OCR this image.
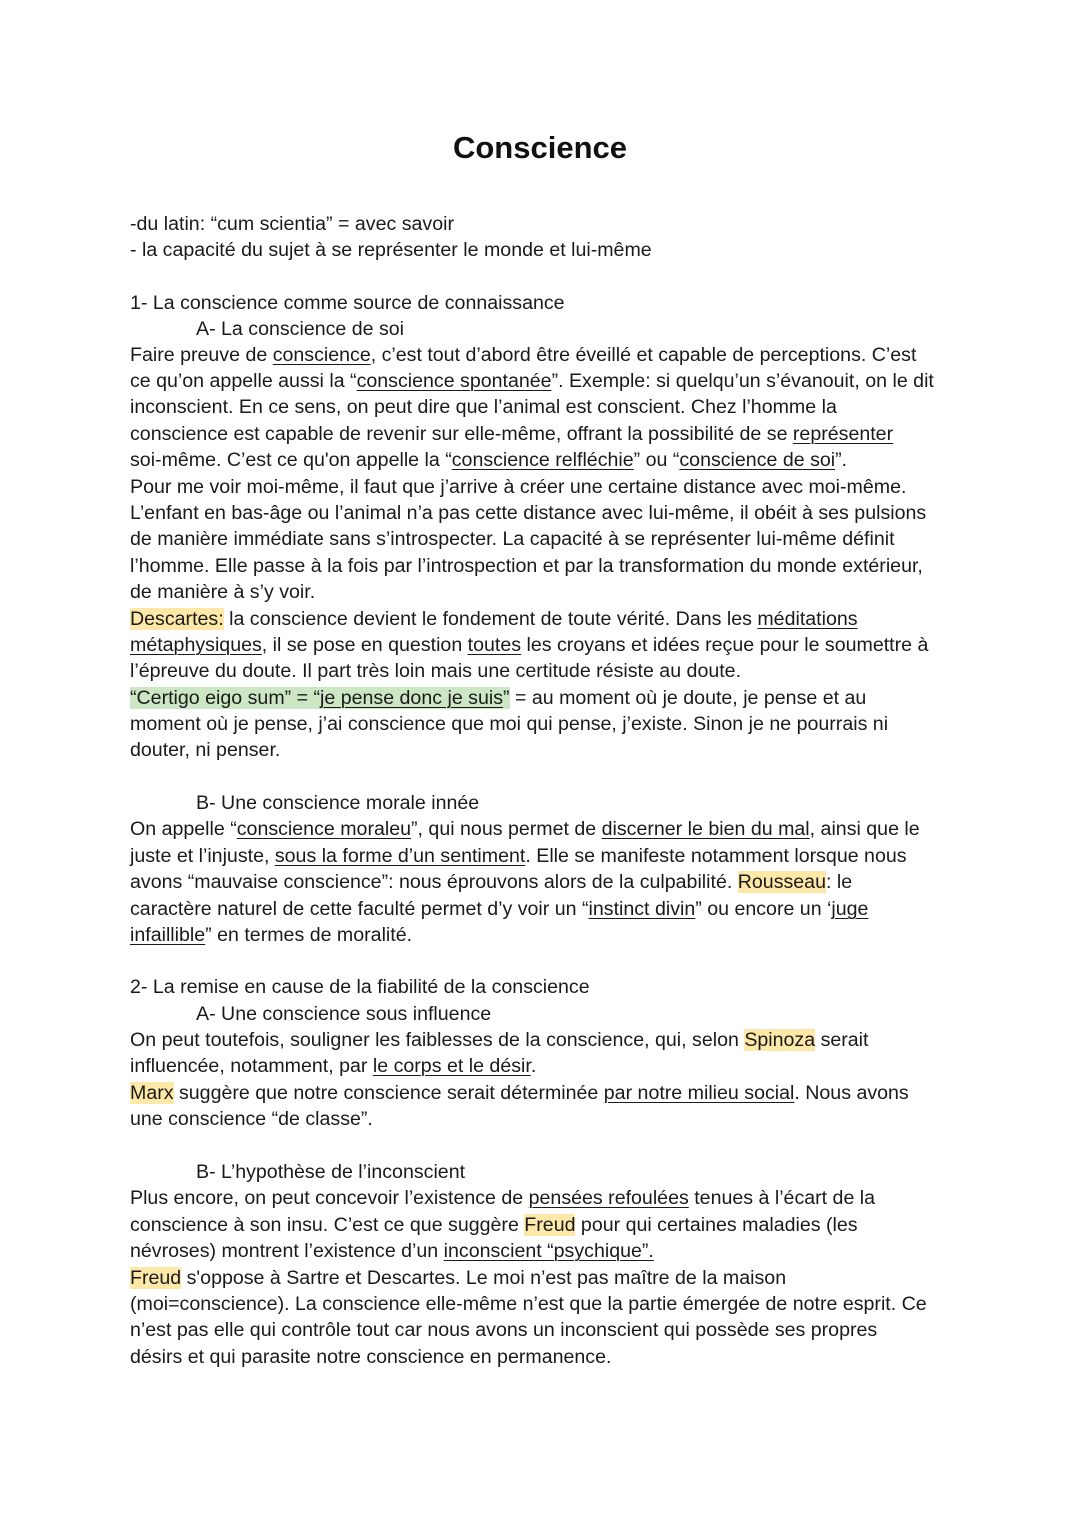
Conscience
-du latin: “cum scientia” = avec savoir
- la capacité du sujet à se représenter le monde et lui-même
1- La conscience comme source de connaissance
A- La conscience de soi
Faire preuve de conscience, c’est tout d’abord être éveillé et capable de perceptions. C’est
ce qu’on appelle aussi la “conscience spontanée”. Exemple: si quelqu’un s’évanouit, on le dit
inconscient. En ce sens, on peut dire que l’animal est conscient. Chez l’homme la
conscience est capable de revenir sur elle-même, offrant la possibilité de se représenter
soi-même. C’est ce qu'on appelle la “conscience relfléchie” ou “conscience de soi”.
Pour me voir moi-même, il faut que j’arrive à créer une certaine distance avec moi-même.
L’enfant en bas-âge ou l’animal n’a pas cette distance avec lui-même, il obéit à ses pulsions
de manière immédiate sans s’introspecter. La capacité à se représenter lui-même définit
l’homme. Elle passe à la fois par l’introspection et par la transformation du monde extérieur,
de manière à s’y voir.
Descartes: la conscience devient le fondement de toute vérité. Dans les méditations
métaphysiques, il se pose en question toutes les croyans et idées reçue pour le soumettre à
l’épreuve du doute. Il part très loin mais une certitude résiste au doute.
“Certigo eigo sum” = “je pense donc je suis” = au moment où je doute, je pense et au
moment où je pense, j’ai conscience que moi qui pense, j’existe. Sinon je ne pourrais ni
douter, ni penser.
B- Une conscience morale innée
On appelle “conscience moraleu”, qui nous permet de discerner le bien du mal, ainsi que le
juste et l’injuste, sous la forme d’un sentiment. Elle se manifeste notamment lorsque nous
avons “mauvaise conscience”: nous éprouvons alors de la culpabilité. Rousseau: le
caractère naturel de cette faculté permet d’y voir un “instinct divin” ou encore un ‘juge
infaillible” en termes de moralité.
2- La remise en cause de la fiabilité de la conscience
A- Une conscience sous influence
On peut toutefois, souligner les faiblesses de la conscience, qui, selon Spinoza serait
influencée, notamment, par le corps et le désir.
Marx suggère que notre conscience serait déterminée par notre milieu social. Nous avons
une conscience “de classe”.
B- L’hypothèse de l’inconscient
Plus encore, on peut concevoir l’existence de pensées refoulées tenues à l’écart de la
conscience à son insu. C’est ce que suggère Freud pour qui certaines maladies (les
névroses) montrent l’existence d’un inconscient “psychique”.
Freud s'oppose à Sartre et Descartes. Le moi n’est pas maître de la maison
(moi=conscience). La conscience elle-même n’est que la partie émergée de notre esprit. Ce
n’est pas elle qui contrôle tout car nous avons un inconscient qui possède ses propres
désirs et qui parasite notre conscience en permanence.
